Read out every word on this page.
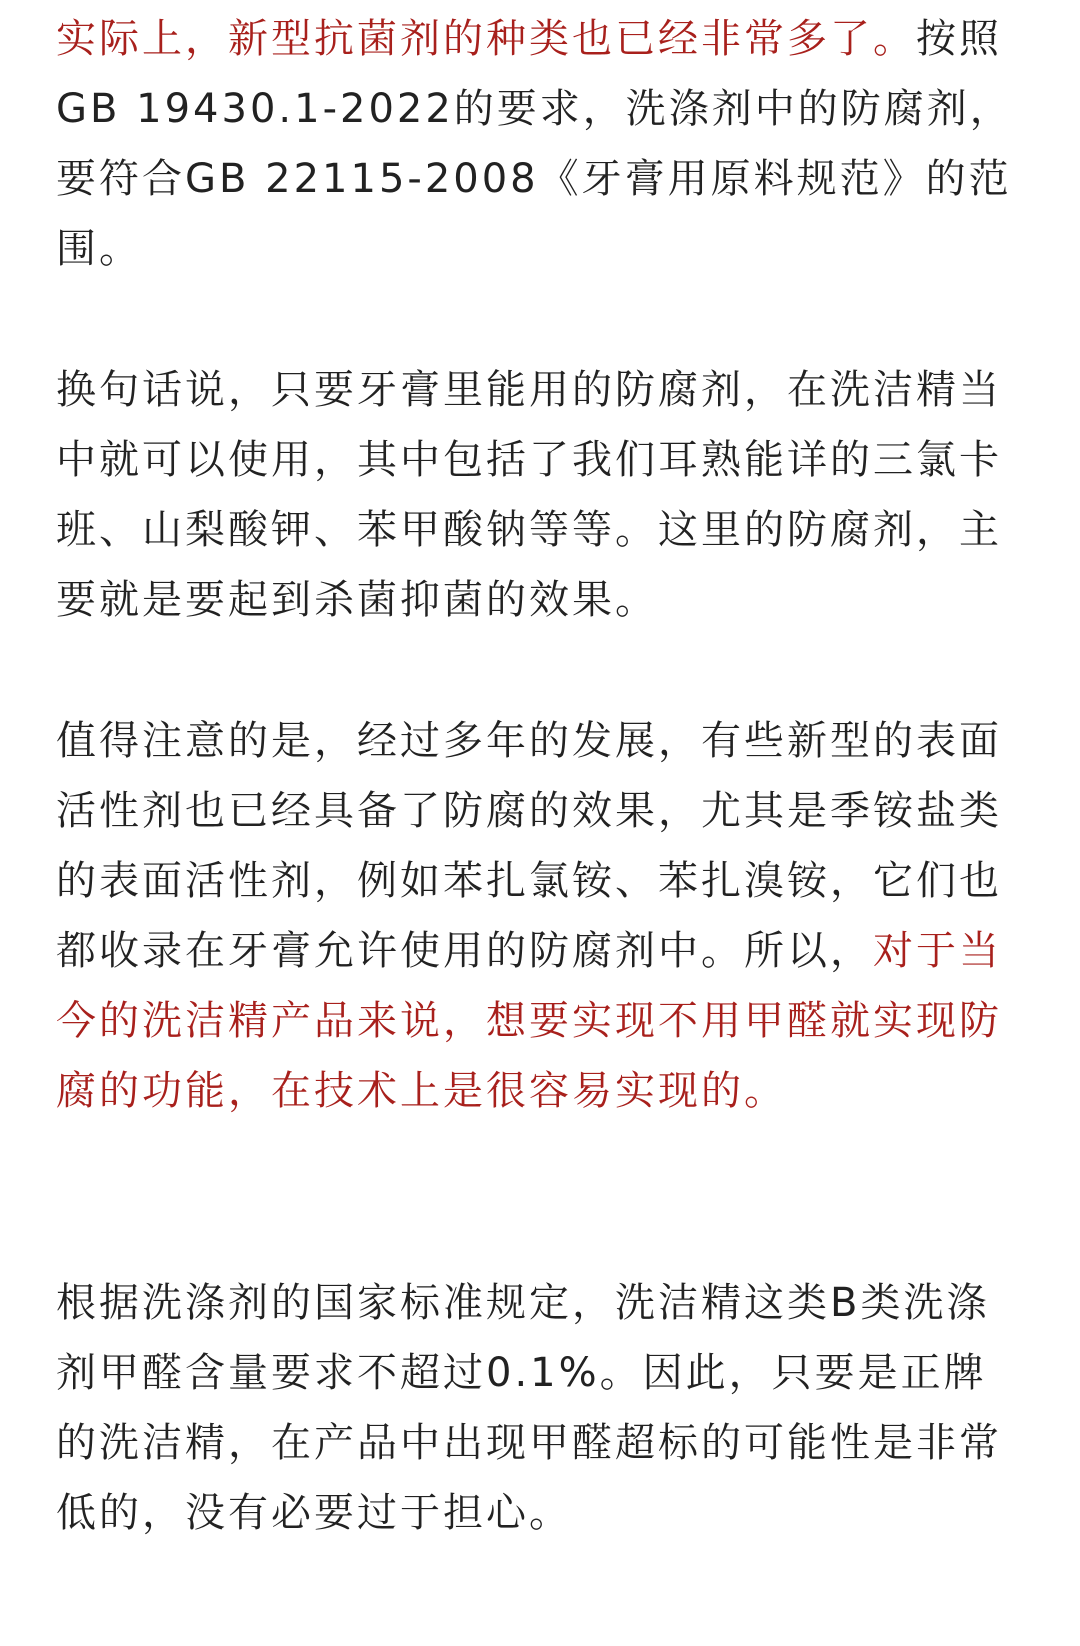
实际上，新型抗菌剂的种类也已经非常多了。按照GB 19430.1-2022的要求，洗涤剂中的防腐剂，要符合GB 22115-2008《牙膏用原料规范》的范围。

换句话说，只要牙膏里能用的防腐剂，在洗洁精当中就可以使用，其中包括了我们耳熟能详的三氯卡班、山梨酸钾、苯甲酸钠等等。这里的防腐剂，主要就是要起到杀菌抑菌的效果。

值得注意的是，经过多年的发展，有些新型的表面活性剂也已经具备了防腐的效果，尤其是季铵盐类的表面活性剂，例如苯扎氯铵、苯扎溴铵，它们也都收录在牙膏允许使用的防腐剂中。所以，对于当今的洗洁精产品来说，想要实现不用甲醛就实现防腐的功能，在技术上是很容易实现的。

根据洗涤剂的国家标准规定，洗洁精这类B类洗涤剂甲醛含量要求不超过0.1%。因此，只要是正牌的洗洁精，在产品中出现甲醛超标的可能性是非常低的，没有必要过于担心。
